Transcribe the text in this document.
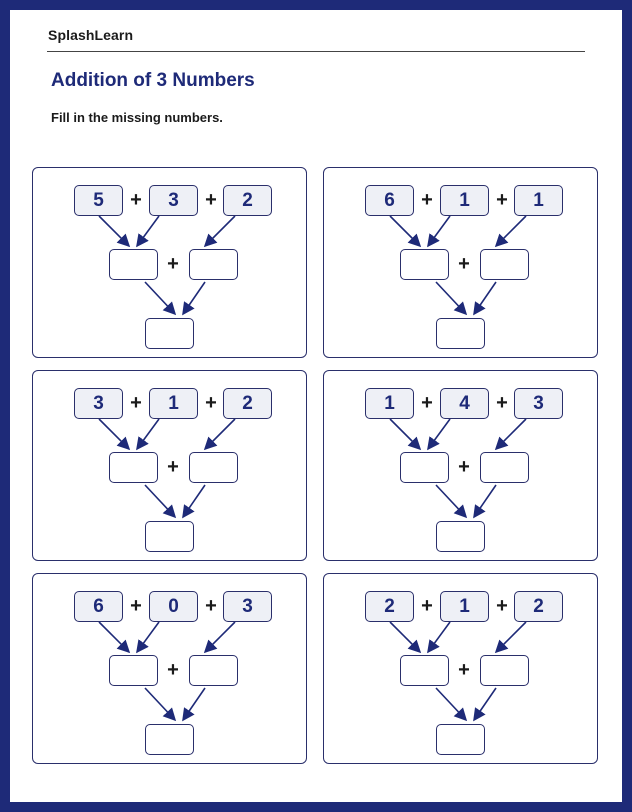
SplashLearn
Addition of 3 Numbers
Fill in the missing numbers.
5	3	2
+	+
+
6	1	1
+	+
+
3	1	2
+	+
+
1	4	3
+	+
+
6	0	3
+	+
+
2	1	2
+	+
+
